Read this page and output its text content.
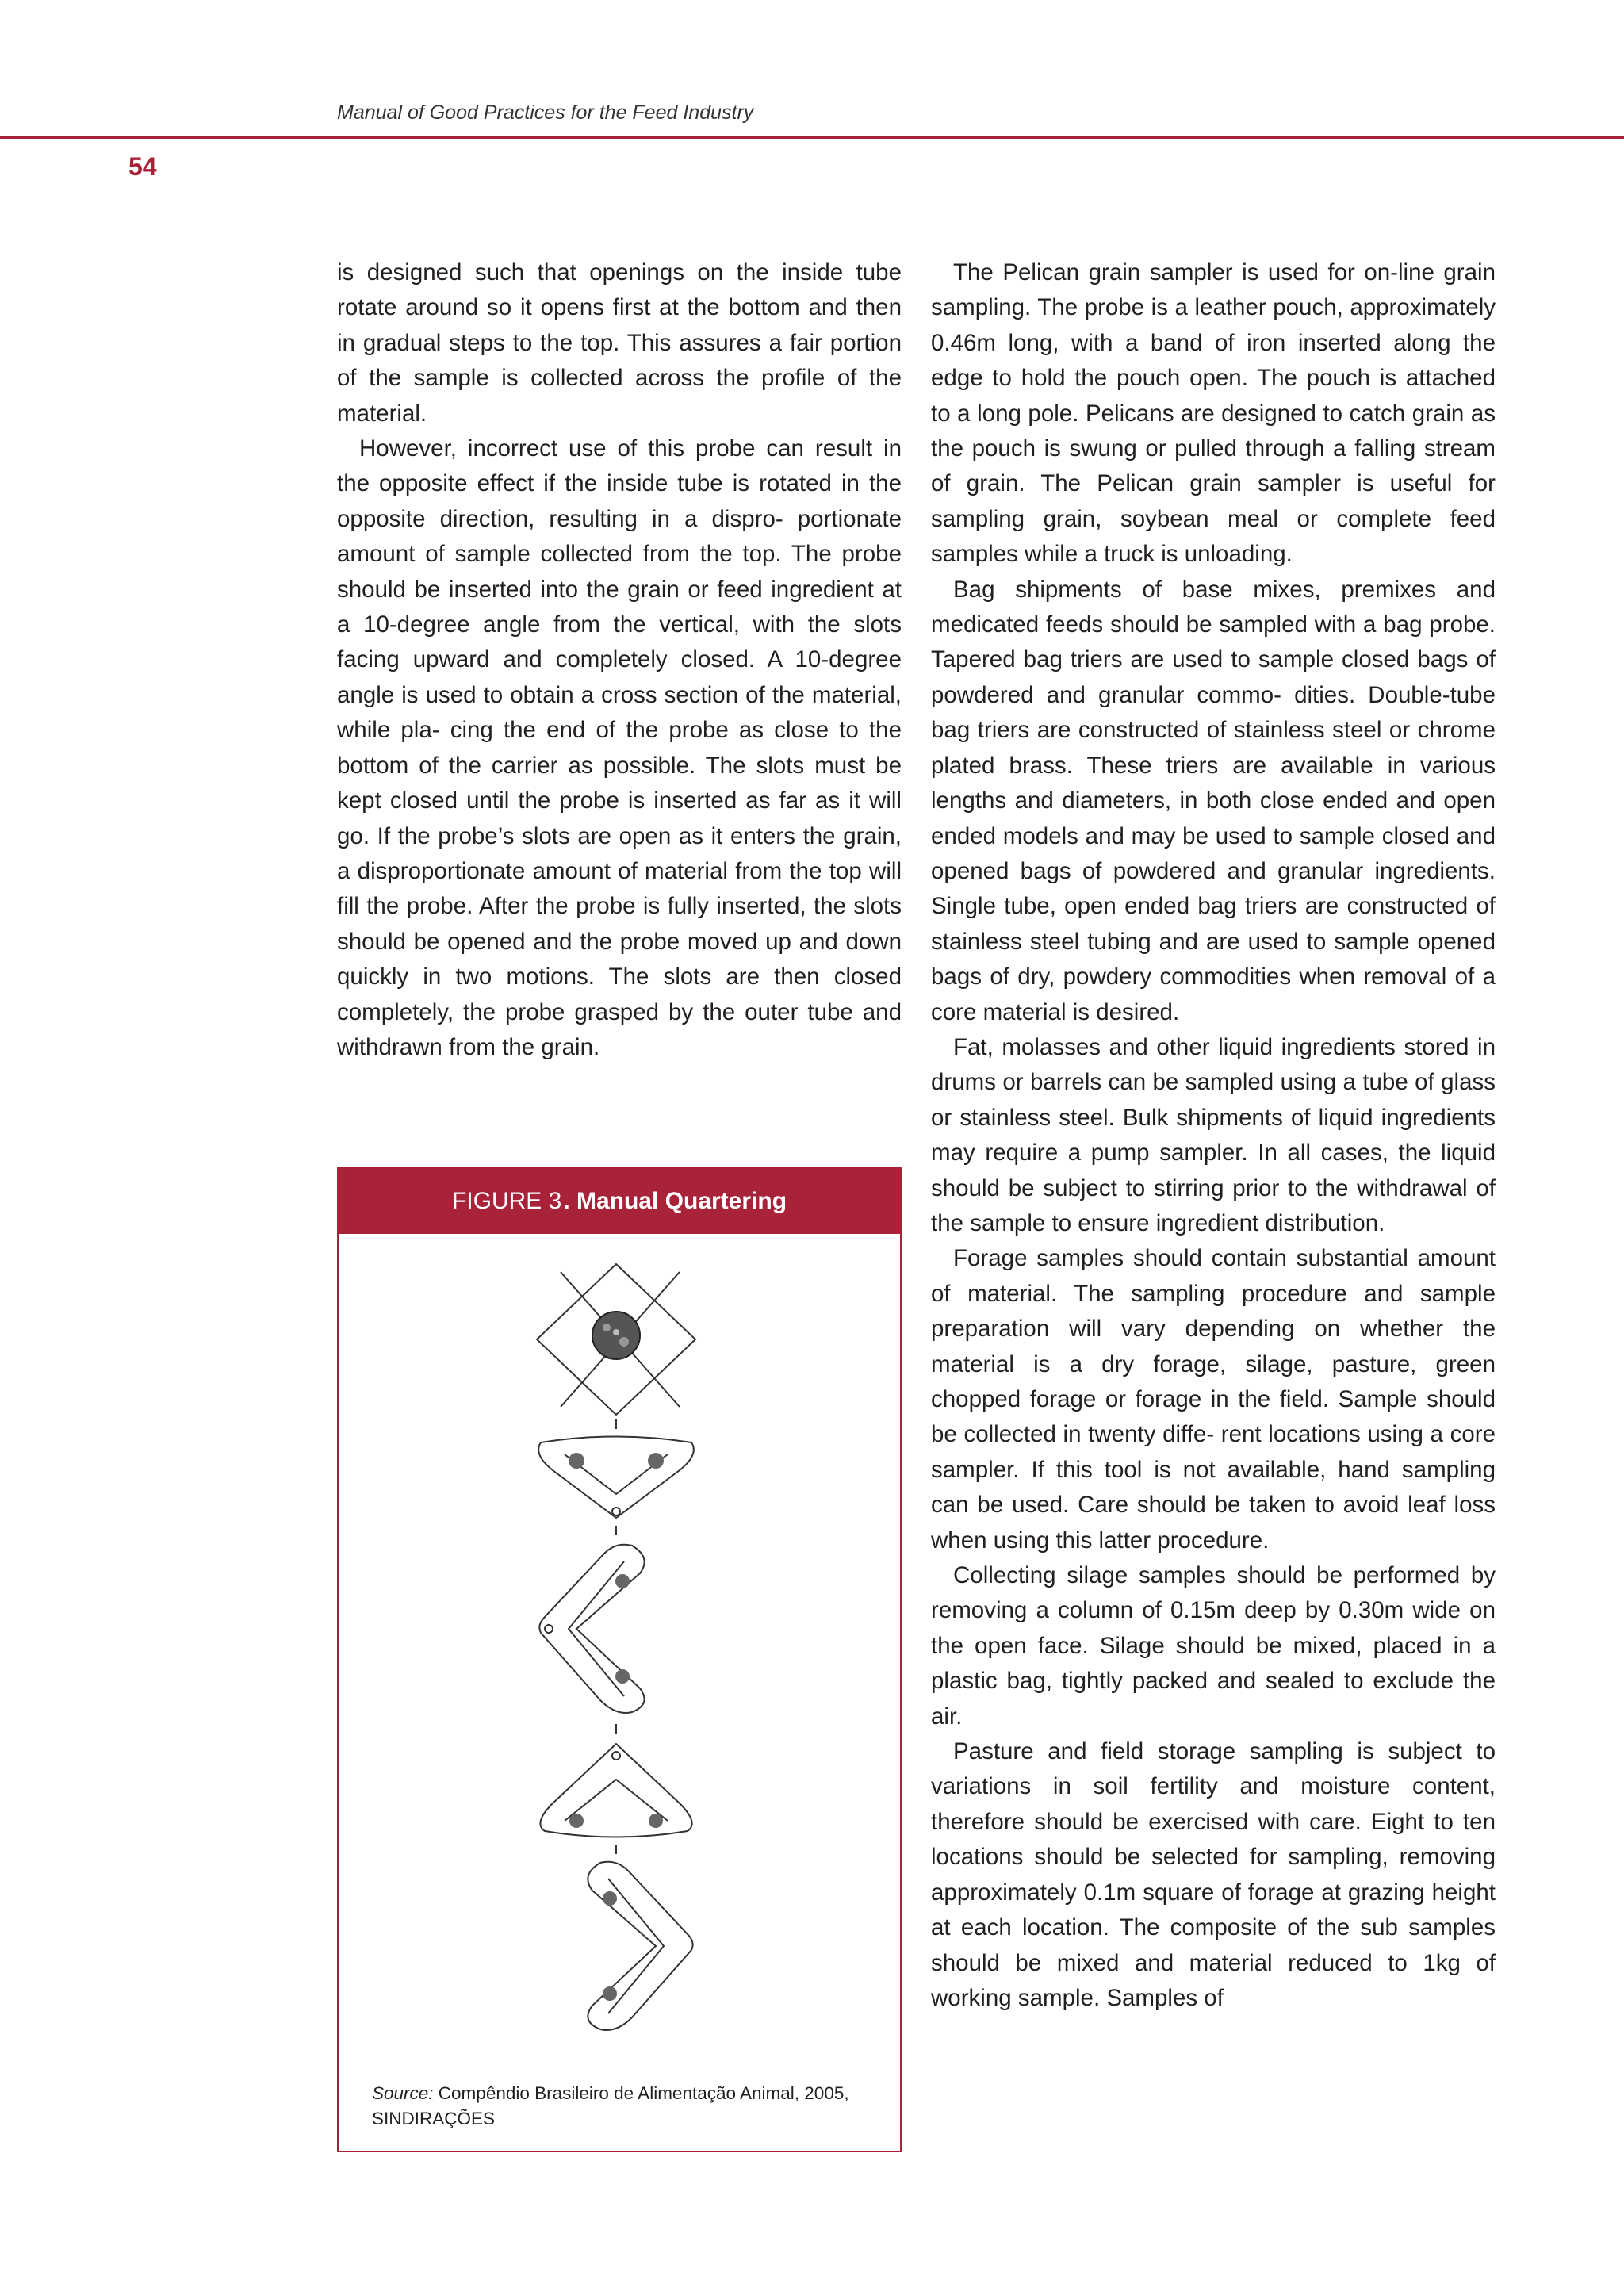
Manual of Good Practices for the Feed Industry
54

is designed such that openings on the inside tube rotate around so it opens first at the bottom and then in gradual steps to the top. This assures a fair portion of the sample is collected across the profile of the material.

However, incorrect use of this probe can result in the opposite effect if the inside tube is rotated in the opposite direction, resulting in a dispro- portionate amount of sample collected from the top. The probe should be inserted into the grain or feed ingredient at a 10-degree angle from the vertical, with the slots facing upward and completely closed. A 10-degree angle is used to obtain a cross section of the material, while pla- cing the end of the probe as close to the bottom of the carrier as possible. The slots must be kept closed until the probe is inserted as far as it will go. If the probe’s slots are open as it enters the grain, a disproportionate amount of material from the top will fill the probe. After the probe is fully inserted, the slots should be opened and the probe moved up and down quickly in two motions. The slots are then closed completely, the probe grasped by the outer tube and withdrawn from the grain.

FIGURE 3 . Manual Quartering
Source: Compêndio Brasileiro de Alimentação Animal, 2005, SINDIRAÇÕES

The Pelican grain sampler is used for on-line grain sampling. The probe is a leather pouch, approximately 0.46m long, with a band of iron inserted along the edge to hold the pouch open. The pouch is attached to a long pole. Pelicans are designed to catch grain as the pouch is swung or pulled through a falling stream of grain. The Pelican grain sampler is useful for sampling grain, soybean meal or complete feed samples while a truck is unloading.

Bag shipments of base mixes, premixes and medicated feeds should be sampled with a bag probe. Tapered bag triers are used to sample closed bags of powdered and granular commo- dities. Double-tube bag triers are constructed of stainless steel or chrome plated brass. These triers are available in various lengths and diameters, in both close ended and open ended models and may be used to sample closed and opened bags of powdered and granular ingredients. Single tube, open ended bag triers are constructed of stainless steel tubing and are used to sample opened bags of dry, powdery commodities when removal of a core material is desired.

Fat, molasses and other liquid ingredients stored in drums or barrels can be sampled using a tube of glass or stainless steel. Bulk shipments of liquid ingredients may require a pump sampler. In all cases, the liquid should be subject to stirring prior to the withdrawal of the sample to ensure ingredient distribution.

Forage samples should contain substantial amount of material. The sampling procedure and sample preparation will vary depending on whether the material is a dry forage, silage, pasture, green chopped forage or forage in the field. Sample should be collected in twenty diffe- rent locations using a core sampler. If this tool is not available, hand sampling can be used. Care should be taken to avoid leaf loss when using this latter procedure.

Collecting silage samples should be performed by removing a column of 0.15m deep by 0.30m wide on the open face. Silage should be mixed, placed in a plastic bag, tightly packed and sealed to exclude the air.

Pasture and field storage sampling is subject to variations in soil fertility and moisture content, therefore should be exercised with care. Eight to ten locations should be selected for sampling, removing approximately 0.1m square of forage at grazing height at each location. The composite of the sub samples should be mixed and material reduced to 1kg of working sample. Samples of
